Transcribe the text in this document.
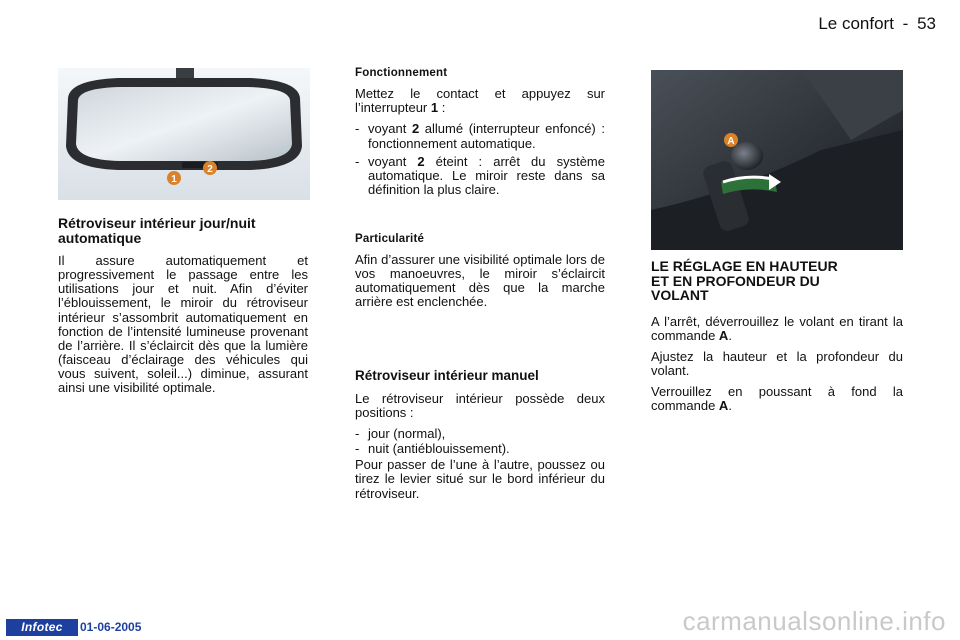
Le confort - 53
1
2
Rétroviseur intérieur jour/nuit
automatique

Il assure automatiquement et progressivement le passage entre les utilisations jour et nuit. Afin d’éviter l’éblouissement, le miroir du rétroviseur intérieur s’assombrit automatiquement en fonction de l’intensité lumineuse provenant de l’arrière. Il s’éclaircit dès que la lumière (faisceau d’éclairage des véhicules qui vous suivent, soleil...) diminue, assurant ainsi une visibilité optimale.

Fonctionnement

Mettez le contact et appuyez sur l’interrupteur 1 :

- voyant 2 allumé (interrupteur enfoncé) : fonctionnement automatique.
- voyant 2 éteint : arrêt du système automatique. Le miroir reste dans sa définition la plus claire.
Particularité

Afin d’assurer une visibilité optimale lors de vos manoeuvres, le miroir s’éclaircit automatiquement dès que la marche arrière est enclenchée.

Rétroviseur intérieur manuel

Le rétroviseur intérieur possède deux positions :

- jour (normal),
- nuit (antiéblouissement).

Pour passer de l’une à l’autre, poussez ou tirez le levier situé sur le bord inférieur du rétroviseur.

A
LE RÉGLAGE EN HAUTEUR
ET EN PROFONDEUR DU
VOLANT

A l’arrêt, déverrouillez le volant en tirant la commande A.

Ajustez la hauteur et la profondeur du volant.

Verrouillez en poussant à fond la commande A.

Infotec	01-06-2005	carmanualsonline.info
